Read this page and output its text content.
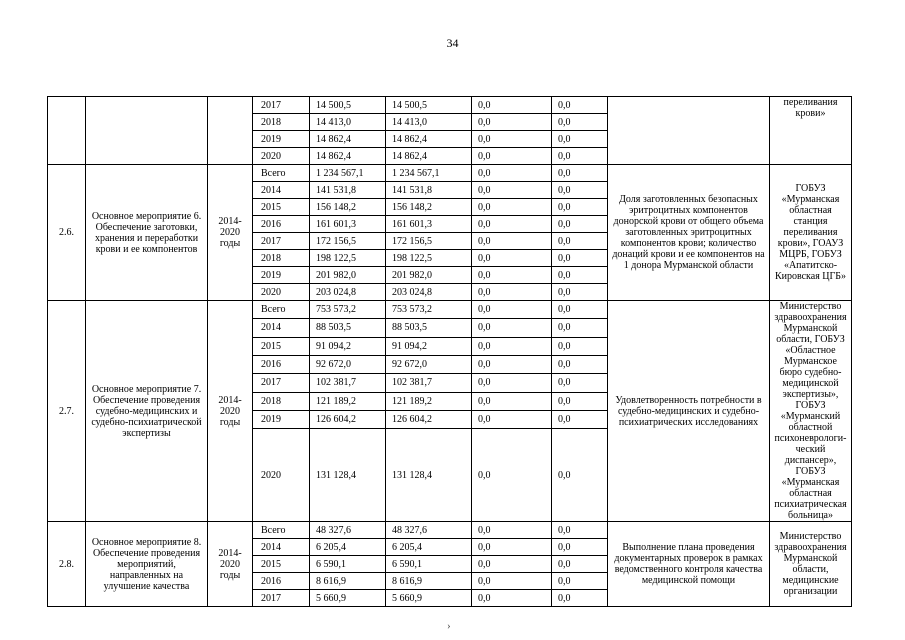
34
			2017	14 500,5	14 500,5	0,0	0,0		переливания крови»
			2018	14 413,0	14 413,0	0,0	0,0		
			2019	14 862,4	14 862,4	0,0	0,0		
			2020	14 862,4	14 862,4	0,0	0,0		
2.6.	Основное мероприятие 6. Обеспечение заготовки, хранения и переработки крови и ее компонентов	2014-2020 годы	Всего	1 234 567,1	1 234 567,1	0,0	0,0	Доля заготовленных безопасных эритроцитных компонентов донорской крови от общего объема заготовленных эритроцитных компонентов крови; количество донаций крови и ее компонентов на 1 донора Мурманской области	ГОБУЗ «Мурманская областная станция переливания крови», ГОАУЗ МЦРБ, ГОБУЗ «Апатитско-Кировская ЦГБ»
			2014	141 531,8	141 531,8	0,0	0,0		
			2015	156 148,2	156 148,2	0,0	0,0		
			2016	161 601,3	161 601,3	0,0	0,0		
			2017	172 156,5	172 156,5	0,0	0,0		
			2018	198 122,5	198 122,5	0,0	0,0		
			2019	201 982,0	201 982,0	0,0	0,0		
			2020	203 024,8	203 024,8	0,0	0,0		
2.7.	Основное мероприятие 7. Обеспечение проведения судебно-медицинских и судебно-психиатрической экспертизы	2014-2020 годы	Всего	753 573,2	753 573,2	0,0	0,0	Удовлетворенность потребности в судебно-медицинских и судебно-психиатрических исследованиях	Министерство здравоохранения Мурманской области, ГОБУЗ «Областное Мурманское бюро судебно-медицинской экспертизы», ГОБУЗ «Мурманский областной психоневрологи-ческий диспансер», ГОБУЗ «Мурманская областная психиатрическая больница»
			2014	88 503,5	88 503,5	0,0	0,0		
			2015	91 094,2	91 094,2	0,0	0,0		
			2016	92 672,0	92 672,0	0,0	0,0		
			2017	102 381,7	102 381,7	0,0	0,0		
			2018	121 189,2	121 189,2	0,0	0,0		
			2019	126 604,2	126 604,2	0,0	0,0		
			2020	131 128,4	131 128,4	0,0	0,0		
2.8.	Основное мероприятие 8. Обеспечение проведения мероприятий, направленных на улучшение качества	2014-2020 годы	Всего	48 327,6	48 327,6	0,0	0,0	Выполнение плана проведения документарных проверок в рамках ведомственного контроля качества медицинской помощи	Министерство здравоохранения Мурманской области, медицинские организации
			2014	6 205,4	6 205,4	0,0	0,0		
			2015	6 590,1	6 590,1	0,0	0,0		
			2016	8 616,9	8 616,9	0,0	0,0		
			2017	5 660,9	5 660,9	0,0	0,0		
›
